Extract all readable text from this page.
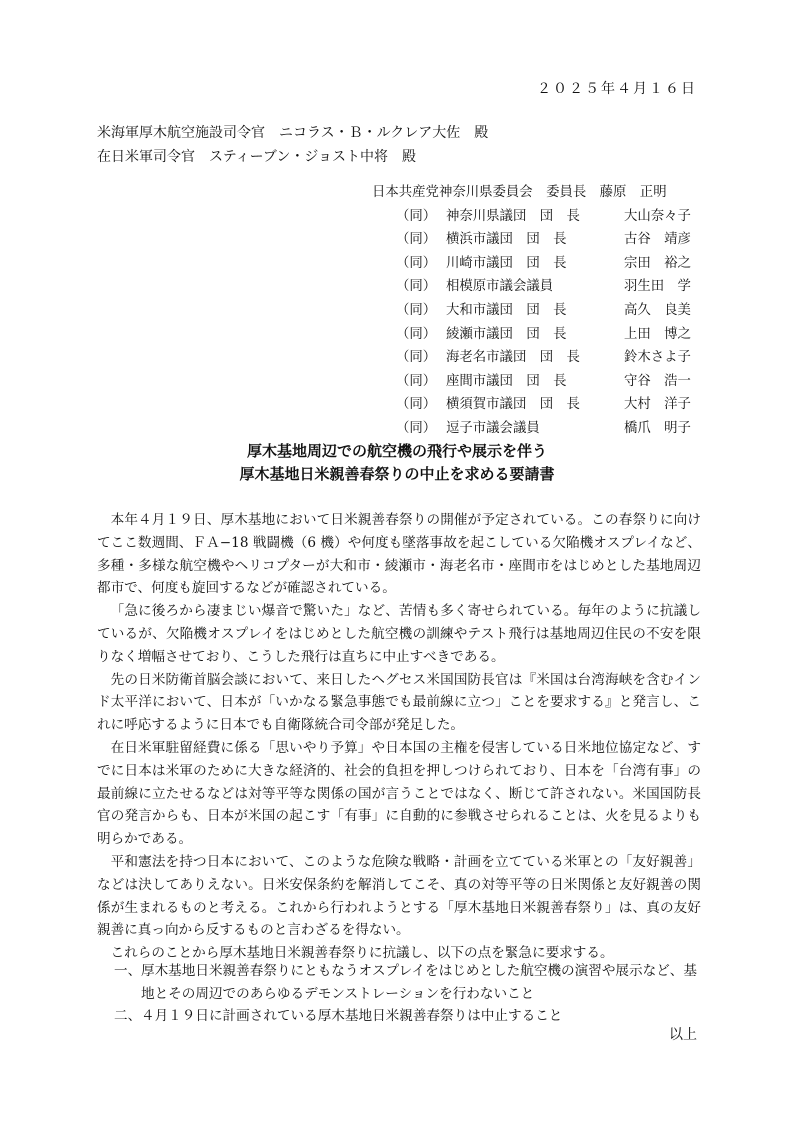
２０２５年４月１６日
米海軍厚木航空施設司令官　ニコラス・Ｂ・ルクレア大佐　殿
在日米軍司令官　スティーブン・ジョスト中将　殿
日本共産党神奈川県委員会　委員長　藤原　正明
（同） 神奈川県議団　団　長	大山奈々子
（同） 横浜市議団　団　長	古谷　靖彦
（同） 川崎市議団　団　長	宗田　裕之
（同） 相模原市議会議員	羽生田　学
（同） 大和市議団　団　長	高久　良美
（同） 綾瀬市議団　団　長	上田　博之
（同） 海老名市議団　団　長	鈴木さよ子
（同） 座間市議団　団　長	守谷　浩一
（同） 横須賀市議団　団　長	大村　洋子
（同） 逗子市議会議員	橋爪　明子
厚木基地周辺での航空機の飛行や展示を伴う
厚木基地日米親善春祭りの中止を求める要請書

本年４月１９日、厚木基地において日米親善春祭りの開催が予定されている。この春祭りに向けてここ数週間、ＦＡ−18 戦闘機（6 機）や何度も墜落事故を起こしている欠陥機オスプレイなど、多種・多様な航空機やヘリコプターが大和市・綾瀬市・海老名市・座間市をはじめとした基地周辺都市で、何度も旋回するなどが確認されている。

「急に後ろから凄まじい爆音で驚いた」など、苦情も多く寄せられている。毎年のように抗議しているが、欠陥機オスプレイをはじめとした航空機の訓練やテスト飛行は基地周辺住民の不安を限りなく増幅させており、こうした飛行は直ちに中止すべきである。

先の日米防衛首脳会談において、来日したヘグセス米国国防長官は『米国は台湾海峡を含むインド太平洋において、日本が「いかなる緊急事態でも最前線に立つ」ことを要求する』と発言し、これに呼応するように日本でも自衛隊統合司令部が発足した。

在日米軍駐留経費に係る「思いやり予算」や日本国の主権を侵害している日米地位協定など、すでに日本は米軍のために大きな経済的、社会的負担を押しつけられており、日本を「台湾有事」の最前線に立たせるなどは対等平等な関係の国が言うことではなく、断じて許されない。米国国防長官の発言からも、日本が米国の起こす「有事」に自動的に参戦させられることは、火を見るよりも明らかである。

平和憲法を持つ日本において、このような危険な戦略・計画を立てている米軍との「友好親善」などは決してありえない。日米安保条約を解消してこそ、真の対等平等の日米関係と友好親善の関係が生まれるものと考える。これから行われようとする「厚木基地日米親善春祭り」は、真の友好親善に真っ向から反するものと言わざるを得ない。

これらのことから厚木基地日米親善春祭りに抗議し、以下の点を緊急に要求する。

一、 厚木基地日米親善春祭りにともなうオスプレイをはじめとした航空機の演習や展示など、基地とその周辺でのあらゆるデモンストレーションを行わないこと
二、 ４月１９日に計画されている厚木基地日米親善春祭りは中止すること
以上
